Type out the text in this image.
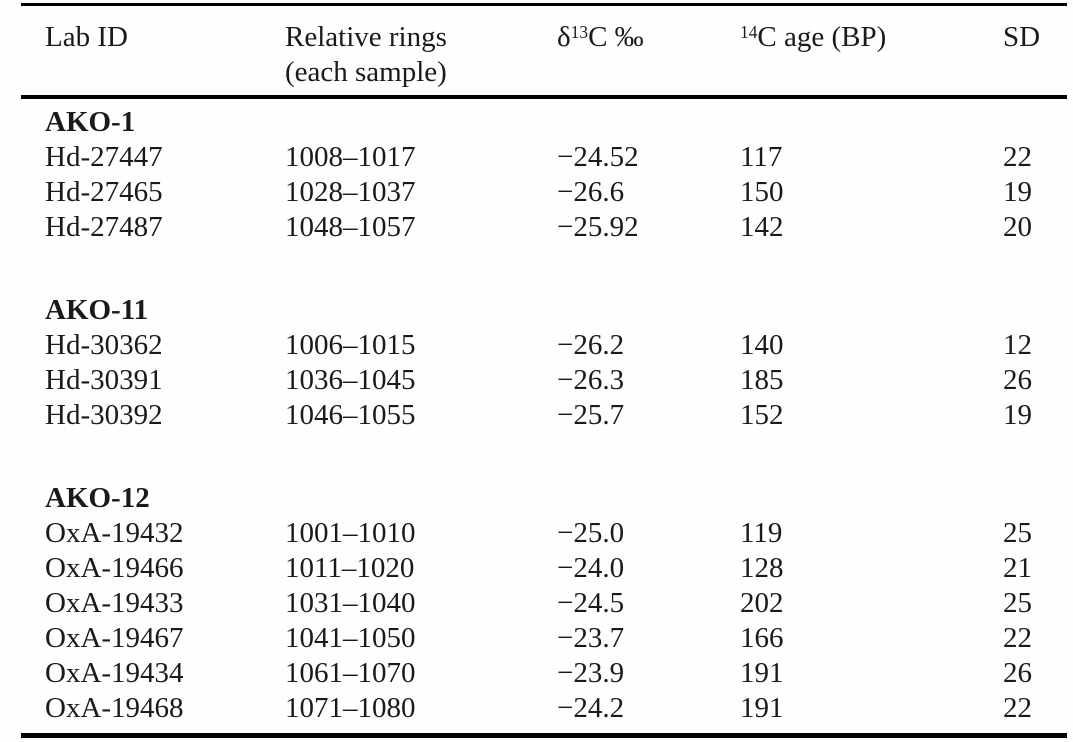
Lab ID	Relative rings	$\delta^{13}C$ ‰	$^{14}$C age (BP)	SD
(each sample)
AKO-1
Hd-27447	1008–1017	−24.52	117	22
Hd-27465	1028–1037	−26.6	150	19
Hd-27487	1048–1057	−25.92	142	20
AKO-11
Hd-30362	1006–1015	−26.2	140	12
Hd-30391	1036–1045	−26.3	185	26
Hd-30392	1046–1055	−25.7	152	19
AKO-12
OxA-19432	1001–1010	−25.0	119	25
OxA-19466	1011–1020	−24.0	128	21
OxA-19433	1031–1040	−24.5	202	25
OxA-19467	1041–1050	−23.7	166	22
OxA-19434	1061–1070	−23.9	191	26
OxA-19468	1071–1080	−24.2	191	22
